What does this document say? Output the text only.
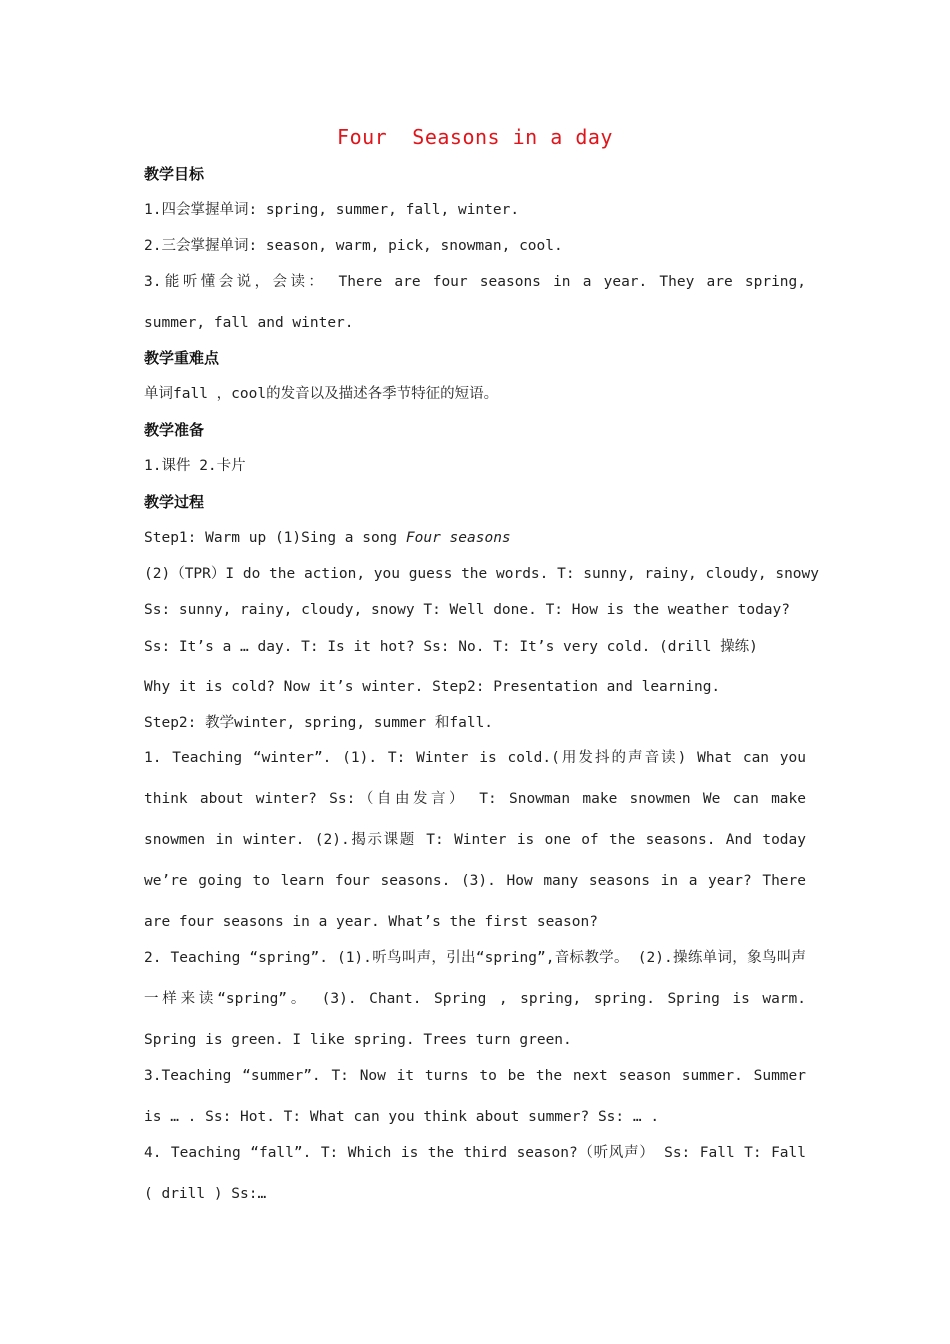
Four  Seasons in a day
教学目标
1.四会掌握单词: spring, summer, fall, winter.
2.三会掌握单词: season, warm, pick, snowman, cool.

3.能听懂会说，会读： There are four seasons in a year. They are spring, summer, fall and winter.

教学重难点
单词fall ，cool的发音以及描述各季节特征的短语。
教学准备
1.课件 2.卡片
教学过程
Step1: Warm up (1)Sing a song Four seasons
(2)（TPR）I do the action, you guess the words. T: sunny, rainy, cloudy, snowy
Ss: sunny, rainy, cloudy, snowy T: Well done. T: How is the weather today?
Ss: It’s a … day. T: Is it hot? Ss: No. T: It’s very cold. (drill 操练)
Why it is cold? Now it’s winter. Step2: Presentation and learning.
Step2: 教学winter, spring, summer 和fall.

1. Teaching “winter”. (1). T: Winter is cold.(用发抖的声音读) What can you think about winter? Ss:（自由发言） T: Snowman make snowmen We can make snowmen in winter. (2).揭示课题 T: Winter is one of the seasons. And today we’re going to learn four seasons. (3). How many seasons in a year? There are four seasons in a year. What’s the first season?

2. Teaching “spring”. (1).听鸟叫声，引出“spring”,音标教学。 (2).操练单词，象鸟叫声一样来读“spring”。 (3). Chant. Spring , spring, spring. Spring is warm. Spring is green. I like spring. Trees turn green.

3.Teaching “summer”. T: Now it turns to be the next season summer. Summer is … . Ss: Hot. T: What can you think about summer? Ss: … .

4. Teaching “fall”. T: Which is the third season?（听风声） Ss: Fall T: Fall ( drill ) Ss:…
